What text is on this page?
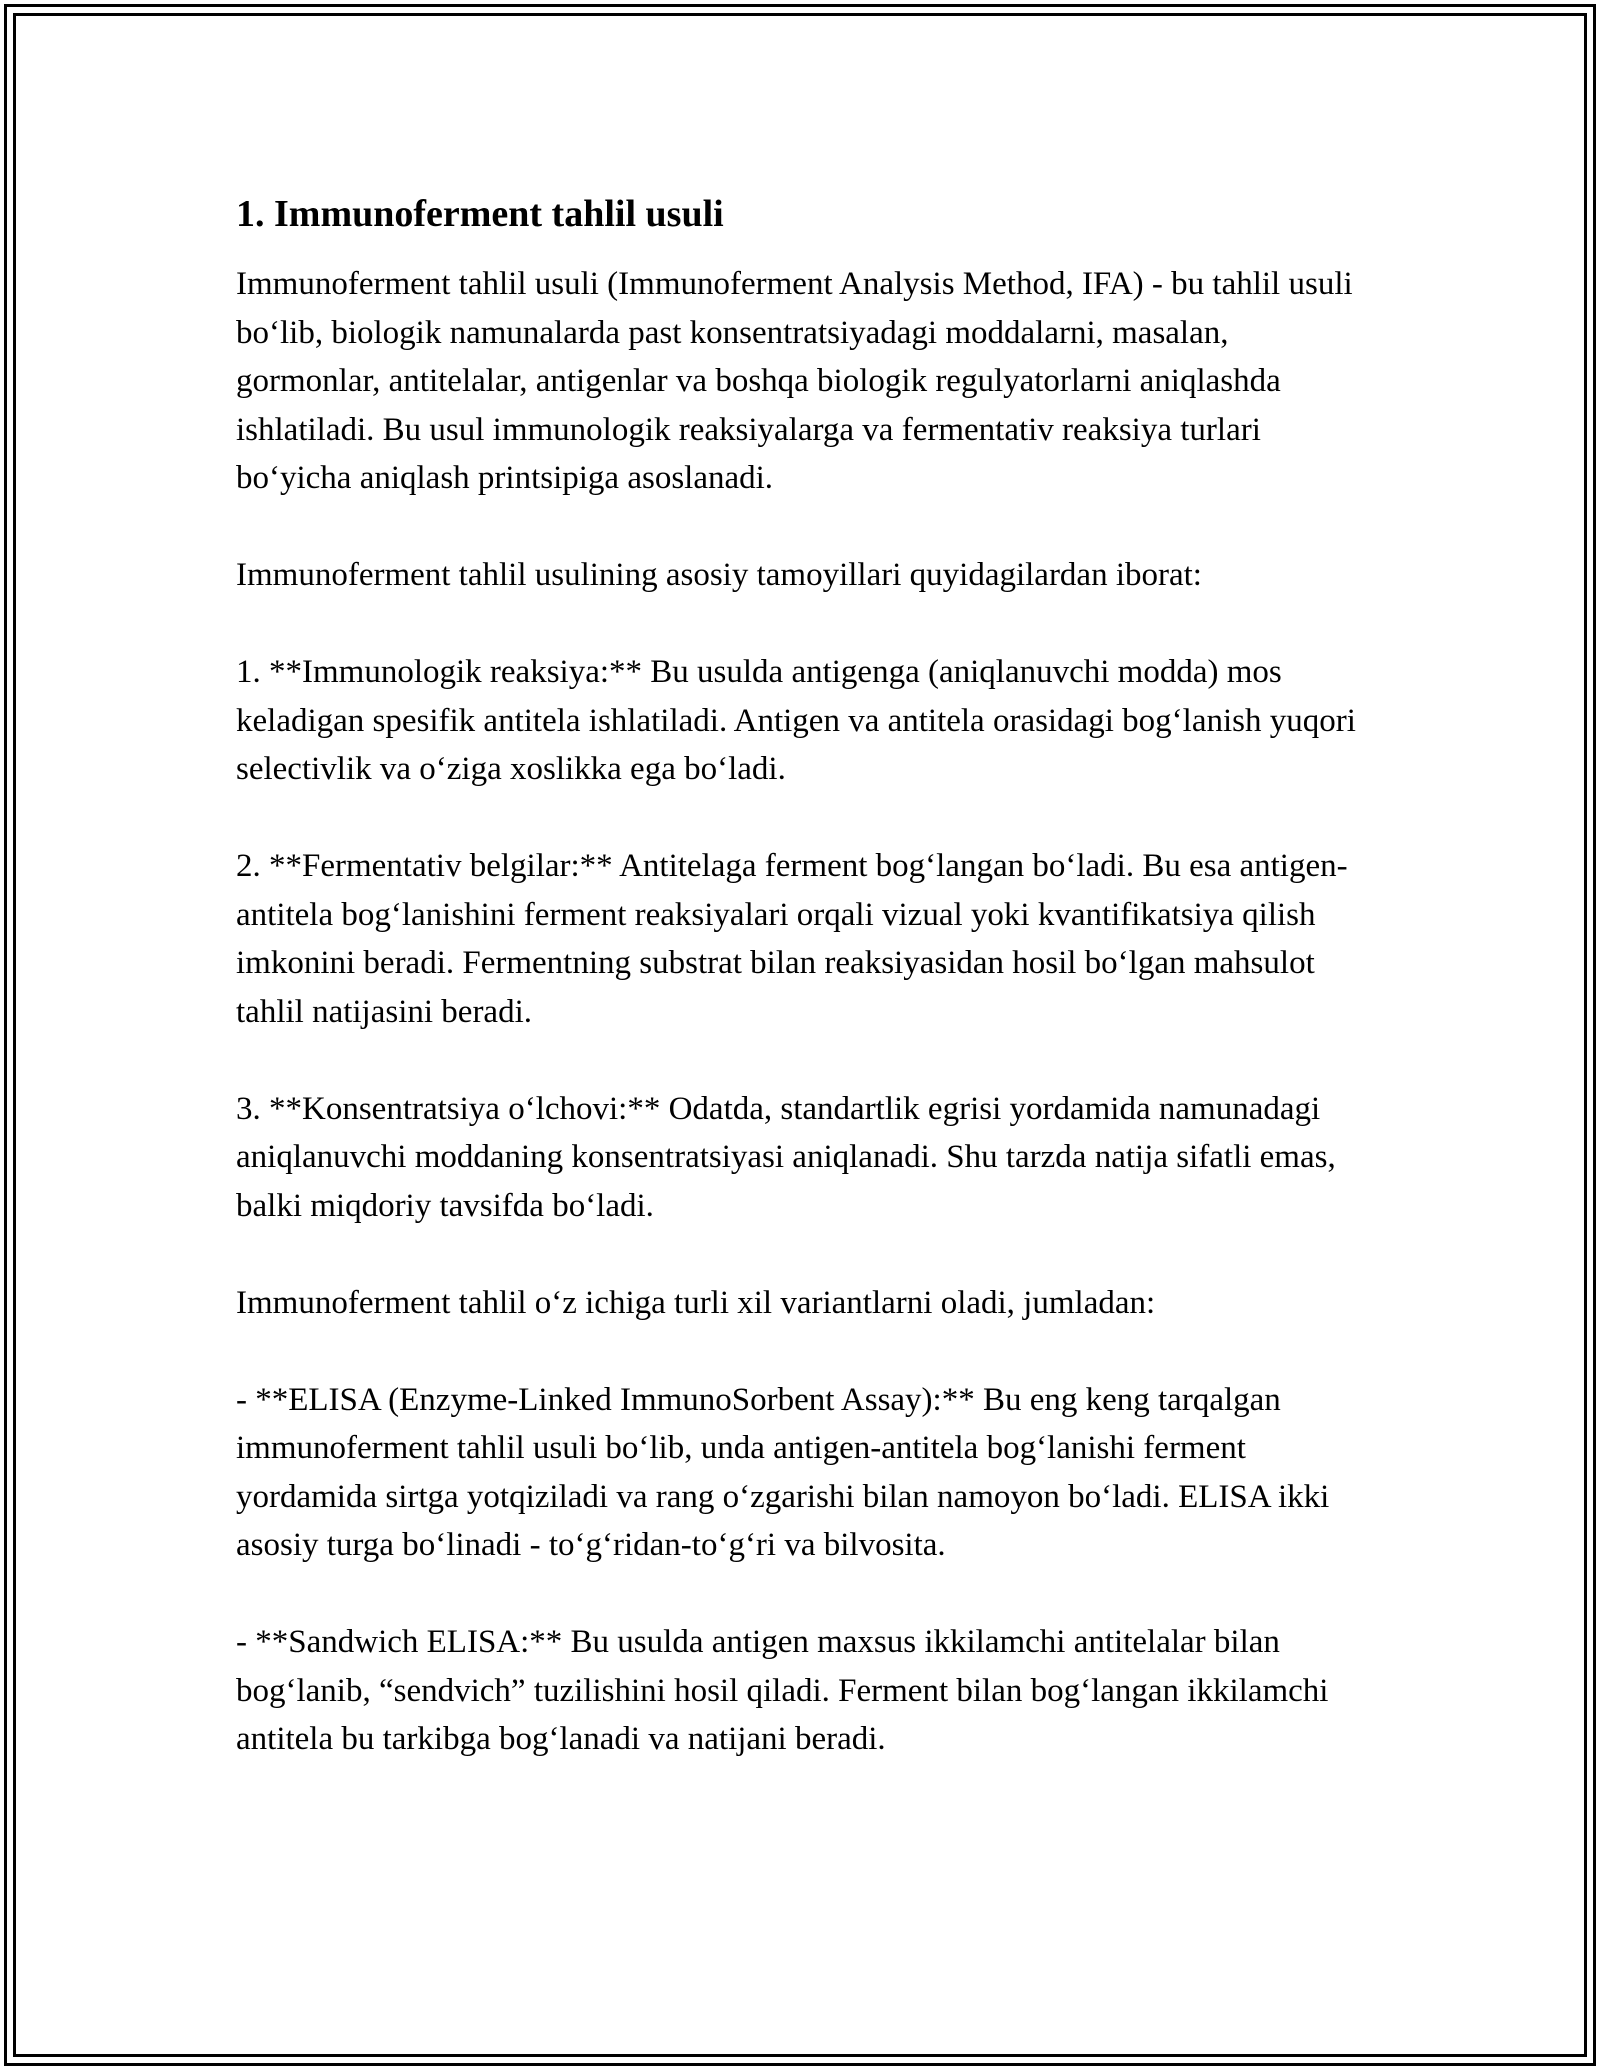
1. Immunoferment tahlil usuli

Immunoferment tahlil usuli (Immunoferment Analysis Method, IFA) - bu tahlil usuli bo‘lib, biologik namunalarda past konsentratsiyadagi moddalarni, masalan, gormonlar, antitelalar, antigenlar va boshqa biologik regulyatorlarni aniqlashda ishlatiladi. Bu usul immunologik reaksiyalarga va fermentativ reaksiya turlari bo‘yicha aniqlash printsipiga asoslanadi.

Immunoferment tahlil usulining asosiy tamoyillari quyidagilardan iborat:

1. **Immunologik reaksiya:** Bu usulda antigenga (aniqlanuvchi modda) mos keladigan spesifik antitela ishlatiladi. Antigen va antitela orasidagi bog‘lanish yuqori selectivlik va o‘ziga xoslikka ega bo‘ladi.

2. **Fermentativ belgilar:** Antitelaga ferment bog‘langan bo‘ladi. Bu esa antigen-antitela bog‘lanishini ferment reaksiyalari orqali vizual yoki kvantifikatsiya qilish imkonini beradi. Fermentning substrat bilan reaksiyasidan hosil bo‘lgan mahsulot tahlil natijasini beradi.

3. **Konsentratsiya o‘lchovi:** Odatda, standartlik egrisi yordamida namunadagi aniqlanuvchi moddaning konsentratsiyasi aniqlanadi. Shu tarzda natija sifatli emas, balki miqdoriy tavsifda bo‘ladi.

Immunoferment tahlil o‘z ichiga turli xil variantlarni oladi, jumladan:

- **ELISA (Enzyme-Linked ImmunoSorbent Assay):** Bu eng keng tarqalgan immunoferment tahlil usuli bo‘lib, unda antigen-antitela bog‘lanishi ferment yordamida sirtga yotqiziladi va rang o‘zgarishi bilan namoyon bo‘ladi. ELISA ikki asosiy turga bo‘linadi - to‘g‘ridan-to‘g‘ri va bilvosita.

- **Sandwich ELISA:** Bu usulda antigen maxsus ikkilamchi antitelalar bilan bog‘lanib, “sendvich” tuzilishini hosil qiladi. Ferment bilan bog‘langan ikkilamchi antitela bu tarkibga bog‘lanadi va natijani beradi.
